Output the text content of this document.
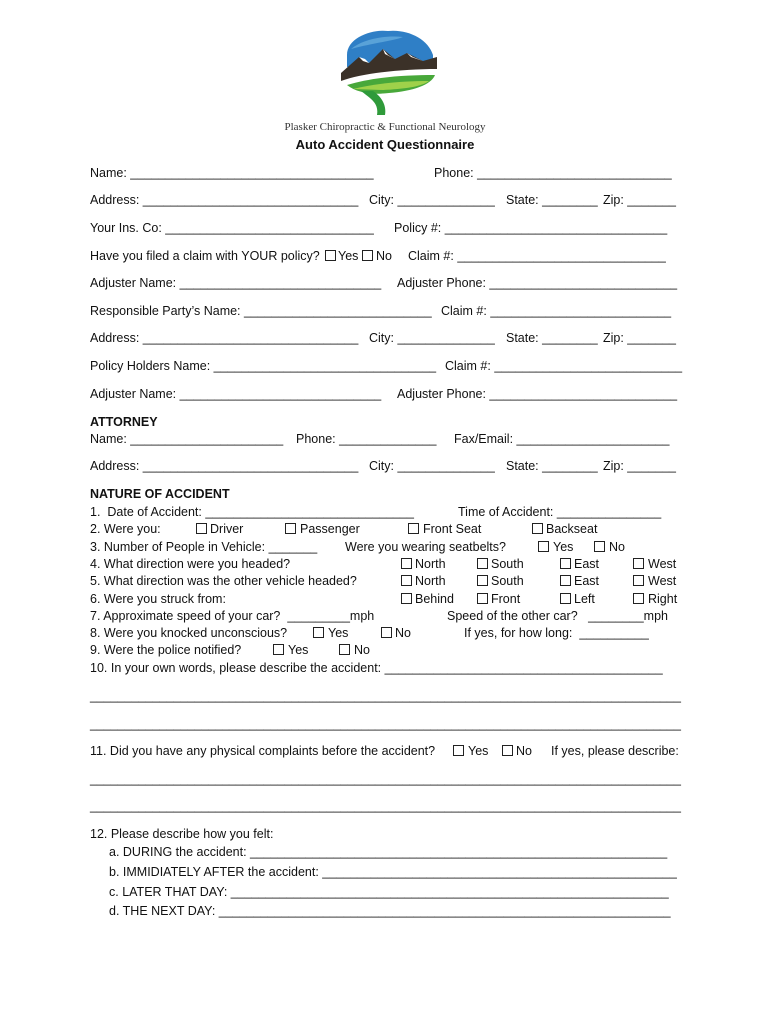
Plasker Chiropractic & Functional Neurology
Auto Accident Questionnaire
Name: ___________________________________	Phone: ____________________________
Address: _______________________________ City: ______________ State: ________ Zip: _______
Your Ins. Co: ______________________________ Policy #: ________________________________
Have you filed a claim with YOUR policy? Yes No Claim #: ______________________________
Adjuster Name: _____________________________ Adjuster Phone: ___________________________
Responsible Party’s Name: ___________________________ Claim #: __________________________
Address: _______________________________ City: ______________ State: ________ Zip: _______
Policy Holders Name: ________________________________ Claim #: ___________________________
Adjuster Name: _____________________________ Adjuster Phone: ___________________________
ATTORNEY
Name: ______________________ Phone: ______________ Fax/Email: ______________________
Address: _______________________________ City: ______________ State: ________ Zip: _______
NATURE OF ACCIDENT
1.  Date of Accident: ______________________________	Time of Accident: _______________
2. Were you:	Driver	Passenger	Front Seat	Backseat
3. Number of People in Vehicle: _______ Were you wearing seatbelts?	Yes	No
4. What direction were you headed?	North	South	East	West
5. What direction was the other vehicle headed?	North	South	East	West
6. Were you struck from:	Behind	Front	Left	Right
7. Approximate speed of your car?  _________mph	Speed of the other car?   ________mph
8. Were you knocked unconscious?	Yes	No	If yes, for how long:  __________
9. Were the police notified?	Yes	No
10. In your own words, please describe the accident: ________________________________________
_____________________________________________________________________________________
_____________________________________________________________________________________
11. Did you have any physical complaints before the accident?	Yes No If yes, please describe:
_____________________________________________________________________________________
_____________________________________________________________________________________
12. Please describe how you felt:
a. DURING the accident: ____________________________________________________________
b. IMMIDIATELY AFTER the accident: ___________________________________________________
c. LATER THAT DAY: _______________________________________________________________
d. THE NEXT DAY: _________________________________________________________________
